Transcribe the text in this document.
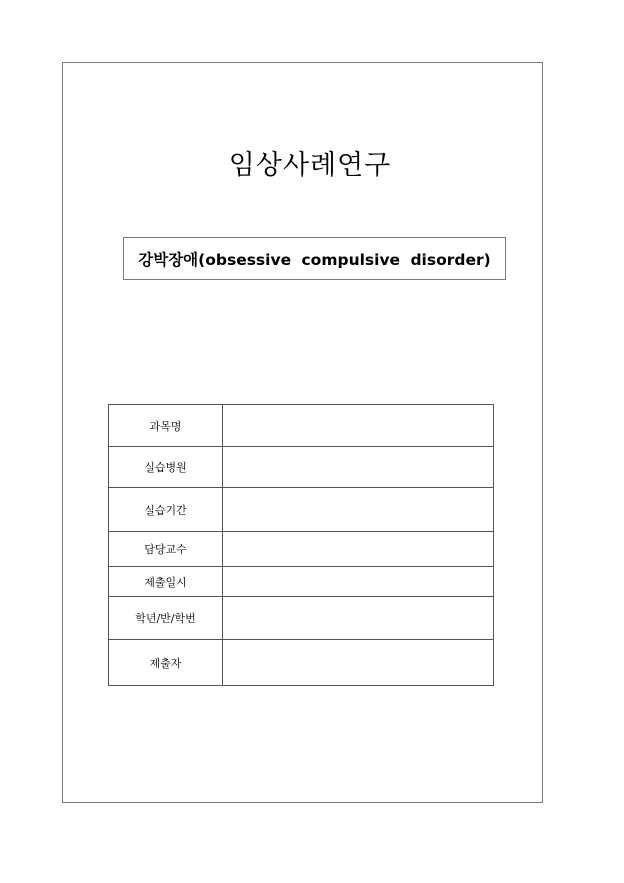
임상사례연구
강박장애(obsessive compulsive disorder)
과목명	
실습병원	
실습기간	
담당교수	
제출일시	
학년/반/학번	
제출자	
